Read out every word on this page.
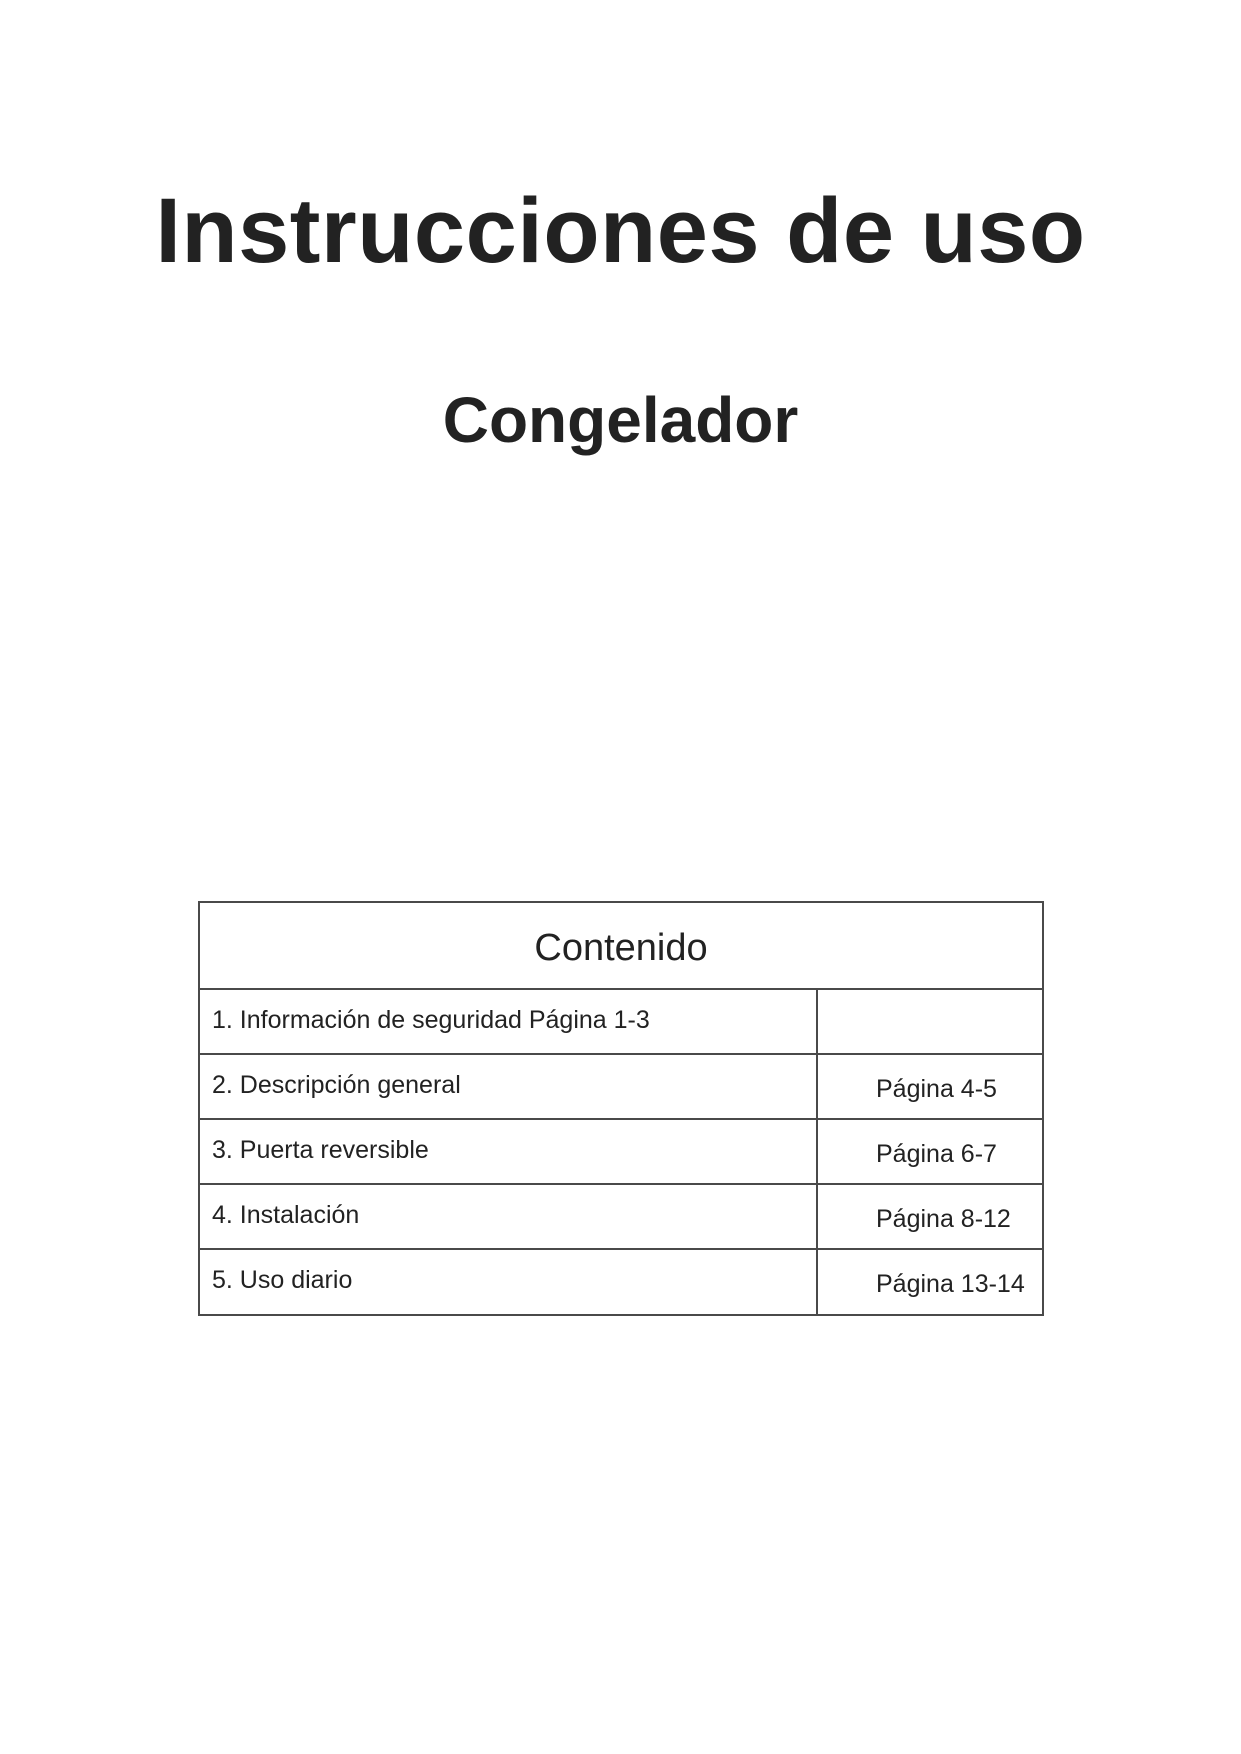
Instrucciones de uso
Congelador
Contenido
1. Información de seguridad Página 1-3
2. Descripción general	Página 4-5
3. Puerta reversible	Página 6-7
4. Instalación	Página 8-12
5. Uso diario	Página 13-14
